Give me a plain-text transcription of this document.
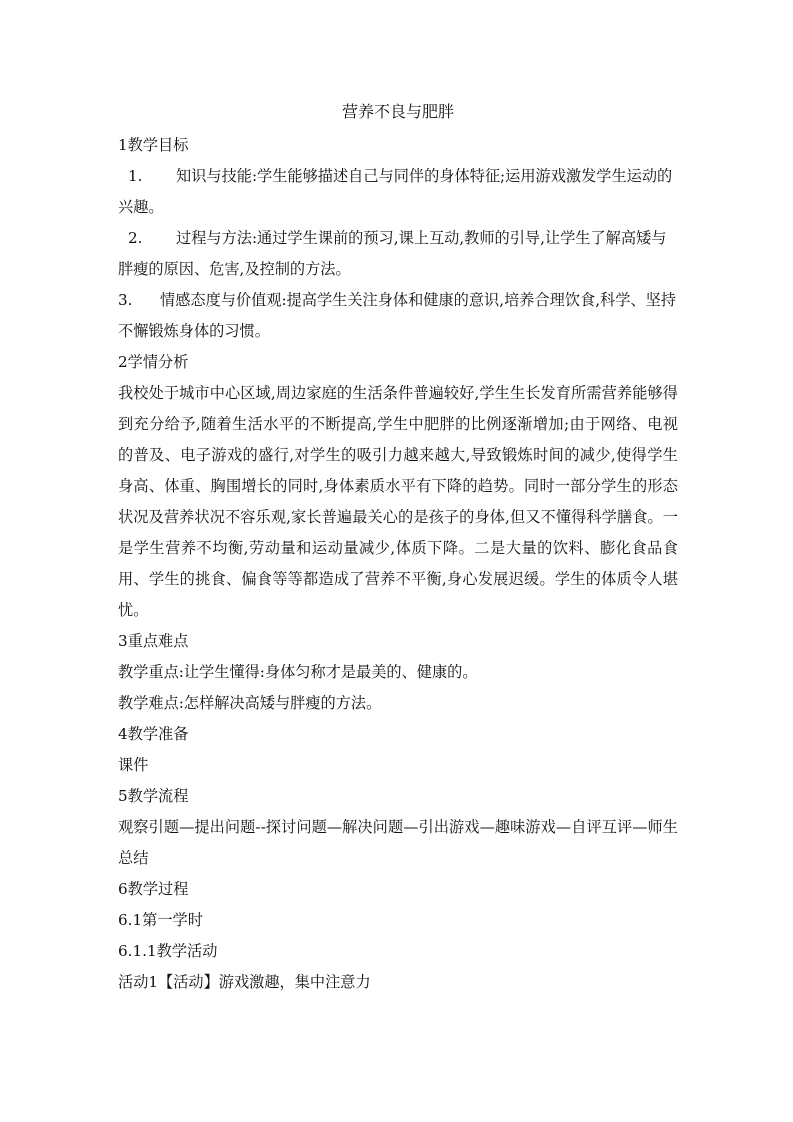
营养不良与肥胖

1教学目标

1. 知识与技能:学生能够描述自己与同伴的身体特征;运用游戏激发学生运动的兴趣。

2. 过程与方法:通过学生课前的预习,课上互动,教师的引导,让学生了解高矮与胖瘦的原因、危害,及控制的方法。

3. 情感态度与价值观:提高学生关注身体和健康的意识,培养合理饮食,科学、坚持不懈锻炼身体的习惯。

2学情分析

我校处于城市中心区域,周边家庭的生活条件普遍较好,学生生长发育所需营养能够得到充分给予,随着生活水平的不断提高,学生中肥胖的比例逐渐增加;由于网络、电视的普及、电子游戏的盛行,对学生的吸引力越来越大,导致锻炼时间的减少,使得学生身高、体重、胸围增长的同时,身体素质水平有下降的趋势。同时一部分学生的形态状况及营养状况不容乐观,家长普遍最关心的是孩子的身体,但又不懂得科学膳食。一是学生营养不均衡,劳动量和运动量减少,体质下降。二是大量的饮料、膨化食品食用、学生的挑食、偏食等等都造成了营养不平衡,身心发展迟缓。学生的体质令人堪忧。

3重点难点

教学重点:让学生懂得:身体匀称才是最美的、健康的。

教学难点:怎样解决高矮与胖瘦的方法。

4教学准备

课件

5教学流程

观察引题—提出问题--探讨问题—解决问题—引出游戏—趣味游戏—自评互评—师生总结

6教学过程

6.1第一学时

6.1.1教学活动

活动1【活动】游戏激趣，集中注意力
